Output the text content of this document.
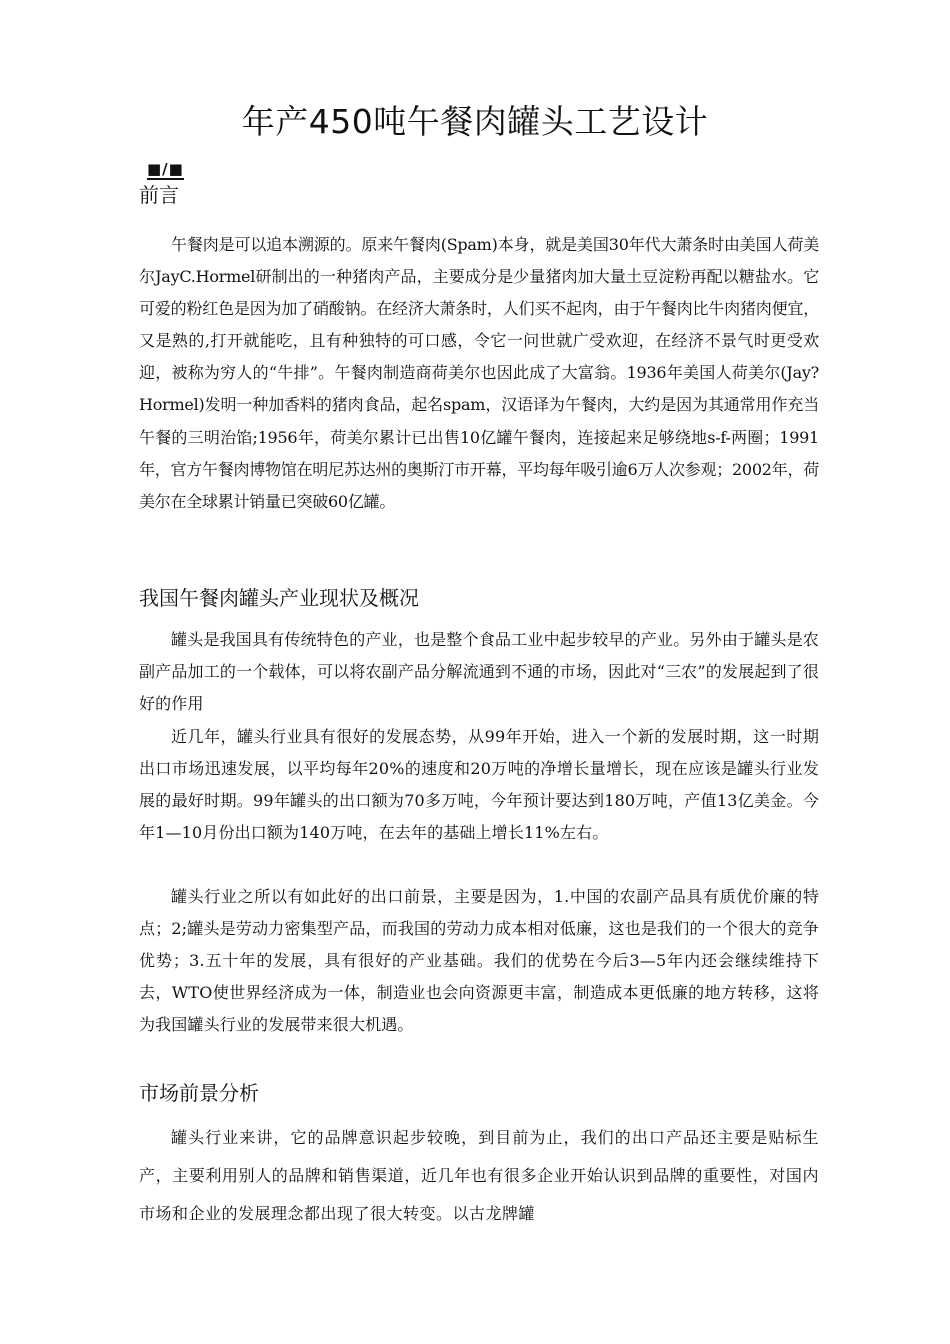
年产450吨午餐肉罐头工艺设计
■/■
前言

午餐肉是可以追本溯源的。原来午餐肉(Spam)本身，就是美国30年代大萧条时由美国人荷美尔JayC.Hormel研制出的一种猪肉产品，主要成分是少量猪肉加大量土豆淀粉再配以糖盐水。它可爱的粉红色是因为加了硝酸钠。在经济大萧条时，人们买不起肉，由于午餐肉比牛肉猪肉便宜，又是熟的,打开就能吃，且有种独特的可口感，令它一问世就广受欢迎，在经济不景气时更受欢迎，被称为穷人的“牛排”。午餐肉制造商荷美尔也因此成了大富翁。1936年美国人荷美尔(Jay?Hormel)发明一种加香料的猪肉食品，起名spam，汉语译为午餐肉，大约是因为其通常用作充当午餐的三明治馅;1956年，荷美尔累计已出售10亿罐午餐肉，连接起来足够绕地s-f-两圈；1991年，官方午餐肉博物馆在明尼苏达州的奥斯汀市开幕，平均每年吸引逾6万人次参观；2002年，荷美尔在全球累计销量已突破60亿罐。

我国午餐肉罐头产业现状及概况

罐头是我国具有传统特色的产业，也是整个食品工业中起步较早的产业。另外由于罐头是农副产品加工的一个载体，可以将农副产品分解流通到不通的市场，因此对“三农”的发展起到了很好的作用

近几年，罐头行业具有很好的发展态势，从99年开始，进入一个新的发展时期，这一时期出口市场迅速发展，以平均每年20%的速度和20万吨的净增长量增长，现在应该是罐头行业发展的最好时期。99年罐头的出口额为70多万吨，今年预计要达到180万吨，产值13亿美金。今年1—10月份出口额为140万吨，在去年的基础上增长11%左右。

罐头行业之所以有如此好的出口前景，主要是因为，1.中国的农副产品具有质优价廉的特点；2;罐头是劳动力密集型产品，而我国的劳动力成本相对低廉，这也是我们的一个很大的竞争优势；3.五十年的发展，具有很好的产业基础。我们的优势在今后3—5年内还会继续维持下去，WTO使世界经济成为一体，制造业也会向资源更丰富，制造成本更低廉的地方转移，这将为我国罐头行业的发展带来很大机遇。

市场前景分析

罐头行业来讲，它的品牌意识起步较晚，到目前为止，我们的出口产品还主要是贴标生产，主要利用别人的品牌和销售渠道，近几年也有很多企业开始认识到品牌的重要性，对国内市场和企业的发展理念都出现了很大转变。以古龙牌罐
